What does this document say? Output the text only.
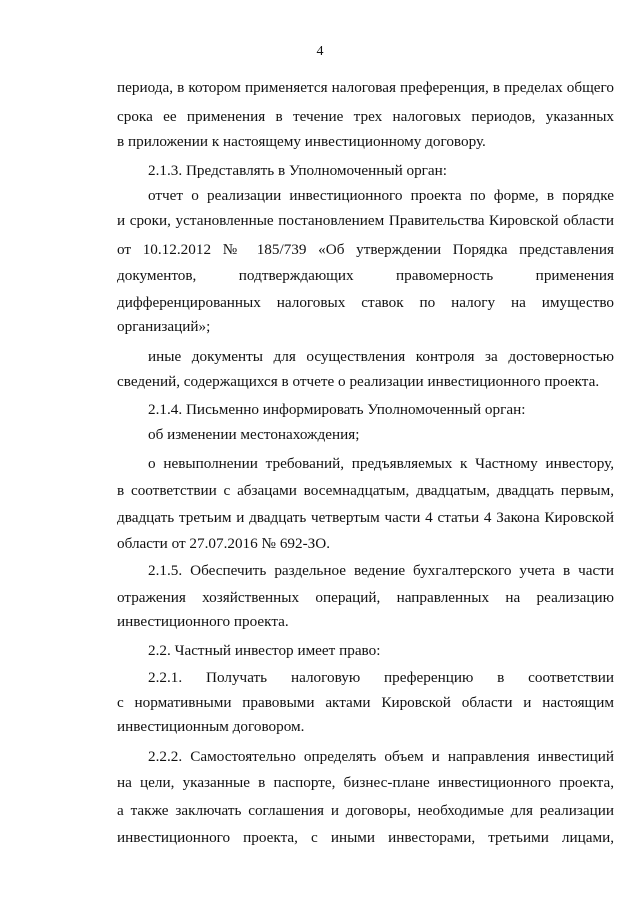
4
периода, в котором применяется налоговая преференция, в пределах общего
срока ее применения в течение трех налоговых периодов, указанных
в приложении к настоящему инвестиционному договору.
2.1.3. Представлять в Уполномоченный орган:
отчет о реализации инвестиционного проекта по форме, в порядке
и сроки, установленные постановлением Правительства Кировской области
от 10.12.2012 № 185/739 «Об утверждении Порядка представления
документов, подтверждающих правомерность применения
дифференцированных налоговых ставок по налогу на имущество
организаций»;
иные документы для осуществления контроля за достоверностью
сведений, содержащихся в отчете о реализации инвестиционного проекта.
2.1.4. Письменно информировать Уполномоченный орган:
об изменении местонахождения;
о невыполнении требований, предъявляемых к Частному инвестору,
в соответствии с абзацами восемнадцатым, двадцатым, двадцать первым,
двадцать третьим и двадцать четвертым части 4 статьи 4 Закона Кировской
области от 27.07.2016 № 692-ЗО.
2.1.5. Обеспечить раздельное ведение бухгалтерского учета в части
отражения хозяйственных операций, направленных на реализацию
инвестиционного проекта.
2.2. Частный инвестор имеет право:
2.2.1. Получать налоговую преференцию в соответствии
с нормативными правовыми актами Кировской области и настоящим
инвестиционным договором.
2.2.2. Самостоятельно определять объем и направления инвестиций
на цели, указанные в паспорте, бизнес-плане инвестиционного проекта,
а также заключать соглашения и договоры, необходимые для реализации
инвестиционного проекта, с иными инвесторами, третьими лицами,
